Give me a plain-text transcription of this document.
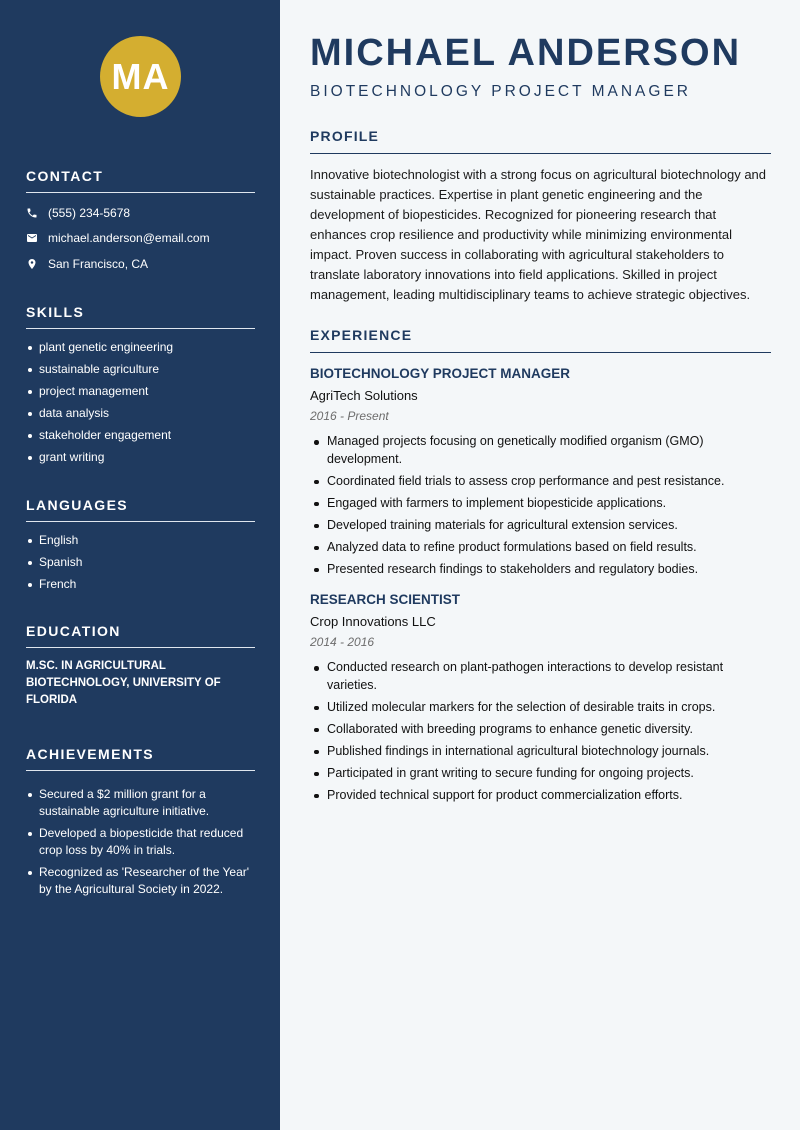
MA
CONTACT
(555) 234-5678
michael.anderson@email.com
San Francisco, CA
SKILLS
plant genetic engineering
sustainable agriculture
project management
data analysis
stakeholder engagement
grant writing
LANGUAGES
English
Spanish
French
EDUCATION

M.SC. IN AGRICULTURAL BIOTECHNOLOGY, UNIVERSITY OF FLORIDA

ACHIEVEMENTS
Secured a $2 million grant for a sustainable agriculture initiative.
Developed a biopesticide that reduced crop loss by 40% in trials.
Recognized as 'Researcher of the Year' by the Agricultural Society in 2022.
MICHAEL ANDERSON
BIOTECHNOLOGY PROJECT MANAGER
PROFILE

Innovative biotechnologist with a strong focus on agricultural biotechnology and sustainable practices. Expertise in plant genetic engineering and the development of biopesticides. Recognized for pioneering research that enhances crop resilience and productivity while minimizing environmental impact. Proven success in collaborating with agricultural stakeholders to translate laboratory innovations into field applications. Skilled in project management, leading multidisciplinary teams to achieve strategic objectives.

EXPERIENCE
BIOTECHNOLOGY PROJECT MANAGER
AgriTech Solutions
2016 - Present
Managed projects focusing on genetically modified organism (GMO) development.
Coordinated field trials to assess crop performance and pest resistance.
Engaged with farmers to implement biopesticide applications.
Developed training materials for agricultural extension services.
Analyzed data to refine product formulations based on field results.
Presented research findings to stakeholders and regulatory bodies.
RESEARCH SCIENTIST
Crop Innovations LLC
2014 - 2016
Conducted research on plant-pathogen interactions to develop resistant varieties.
Utilized molecular markers for the selection of desirable traits in crops.
Collaborated with breeding programs to enhance genetic diversity.
Published findings in international agricultural biotechnology journals.
Participated in grant writing to secure funding for ongoing projects.
Provided technical support for product commercialization efforts.
